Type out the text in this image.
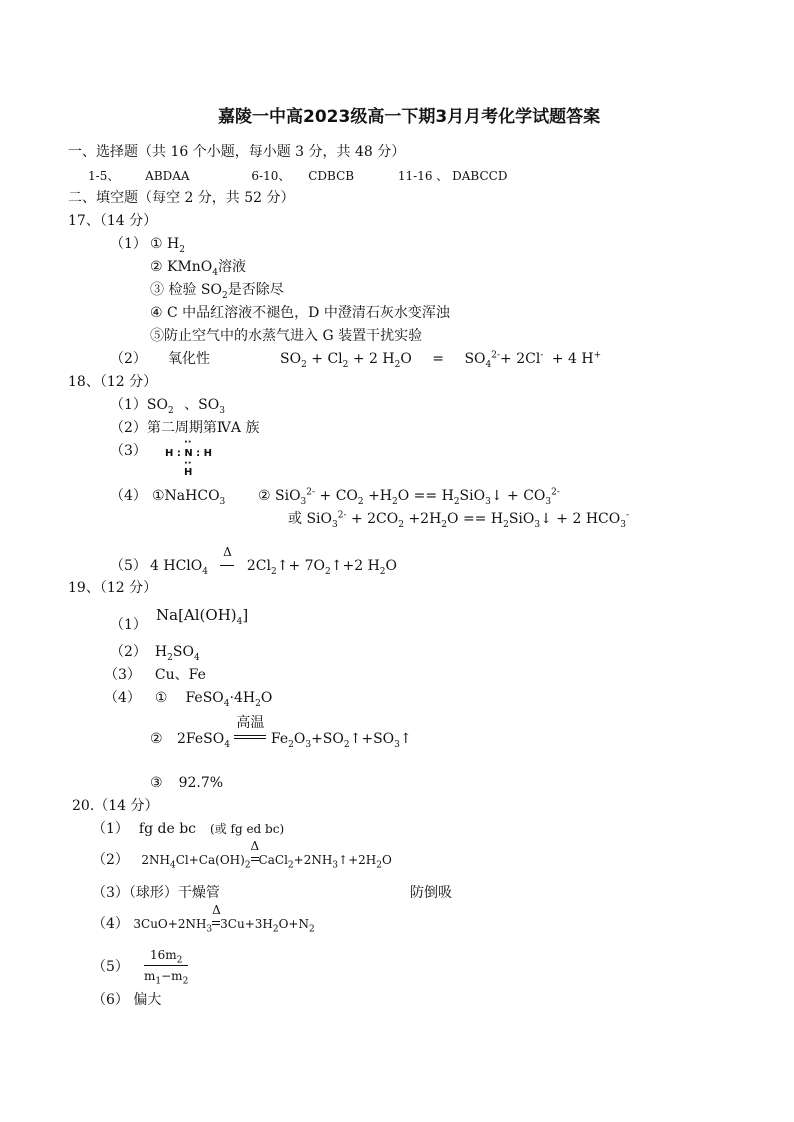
嘉陵一中高2023级高一下期3月月考化学试题答案
一、选择题（共 16 个小题，每小题 3 分，共 48 分）
1-5、 ABDAA	6-10、 CDBCB	11-16 、 DABCCD
二、填空题（每空 2 分，共 52 分）
17、（14 分）
（1） ① $H_2$
② KMnO$_4$溶液
③ 检验 $SO_2$是否除尽
④ C 中品红溶液不褪色，D 中澄清石灰水变浑浊
⑤防止空气中的水蒸气进入 G 装置干扰实验
（2） 氧化性	$SO_2 + Cl_2 + 2$ $H_2O = SO_4^{2-}+ 2Cl^- + 4$ H+
18、（12 分）
$(1)SO_2$ 、$SO_3$
（2）第二周期第ⅣA 族
（3）
··
H : N : H
··
H
（4） ①NaHCO$_3$ ② $SiO_3^{2-} + CO_2 +H_2O$ == $H_2SiO_3↓ + CO_3^{2-}$
或 $SiO_3^{2-} + 2CO_2 +2H_2O$ == $H_2SiO_3↓ + 2$ $HCO_3^-$
（5） 4 HClO$_4$
Δ
$2Cl_2↑+$ $7O_2↑+2$ $H_2O$
19、（12 分）
（1）
$Na[Al(OH)_4]$
（2） $H_2SO_4$
（3） Cu、Fe
（4） ① $FeSO_4\cdot 4H_2O$
② 2FeSO$_4$
高温
$Fe_2O_3+SO_2↑+SO_3↑$
③ 92.7%
20.（14 分）
（1） fg de bc (或 fg ed bc)
（2） $2NH_4Cl+Ca(OH)_2$
Δ
$CaCl_2+2NH_3↑+2H_2O$
（3）（球形）干燥管	防倒吸
（4） $3CuO+2NH_3$
Δ
$3Cu+3H_2O+N_2$
$(5) \frac{16m_2}{m_1-m_2}$
（6） 偏大
